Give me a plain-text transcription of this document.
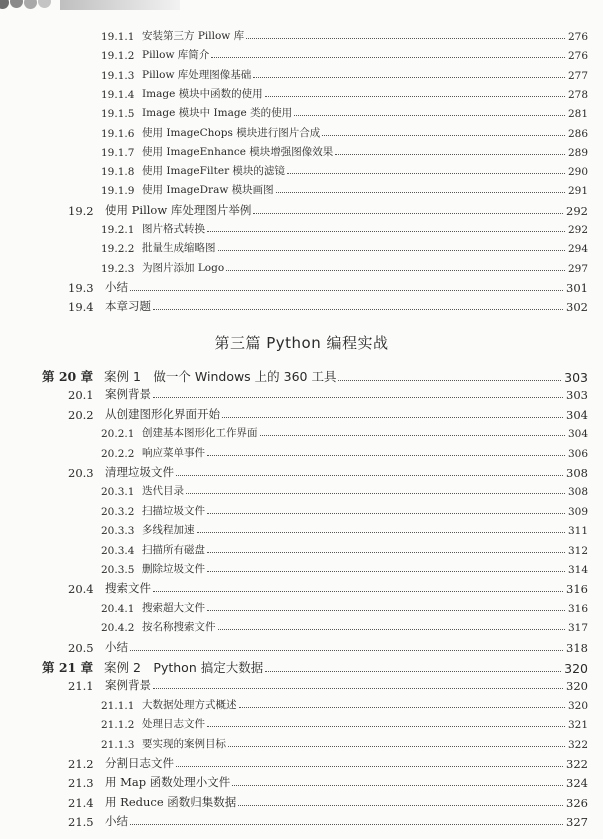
19.1.1 安装第三方 Pillow 库	276
19.1.2 Pillow 库简介	276
19.1.3 Pillow 库处理图像基础	277
19.1.4 Image 模块中函数的使用	278
19.1.5 Image 模块中 Image 类的使用	281
19.1.6 使用 ImageChops 模块进行图片合成	286
19.1.7 使用 ImageEnhance 模块增强图像效果	289
19.1.8 使用 ImageFilter 模块的滤镜	290
19.1.9 使用 ImageDraw 模块画图	291
19.2 使用 Pillow 库处理图片举例	292
19.2.1 图片格式转换	292
19.2.2 批量生成缩略图	294
19.2.3 为图片添加 Logo	297
19.3 小结	301
19.4 本章习题	302
第 20 章 案例 1　做一个 Windows 上的 360 工具	303
20.1 案例背景	303
20.2 从创建图形化界面开始	304
20.2.1 创建基本图形化工作界面	304
20.2.2 响应菜单事件	306
20.3 清理垃圾文件	308
20.3.1 迭代目录	308
20.3.2 扫描垃圾文件	309
20.3.3 多线程加速	311
20.3.4 扫描所有磁盘	312
20.3.5 删除垃圾文件	314
20.4 搜索文件	316
20.4.1 搜索超大文件	316
20.4.2 按名称搜索文件	317
20.5 小结	318
第 21 章 案例 2　Python 搞定大数据	320
21.1 案例背景	320
21.1.1 大数据处理方式概述	320
21.1.2 处理日志文件	321
21.1.3 要实现的案例目标	322
21.2 分割日志文件	322
21.3 用 Map 函数处理小文件	324
21.4 用 Reduce 函数归集数据	326
21.5 小结	327
第三篇 Python 编程实战
